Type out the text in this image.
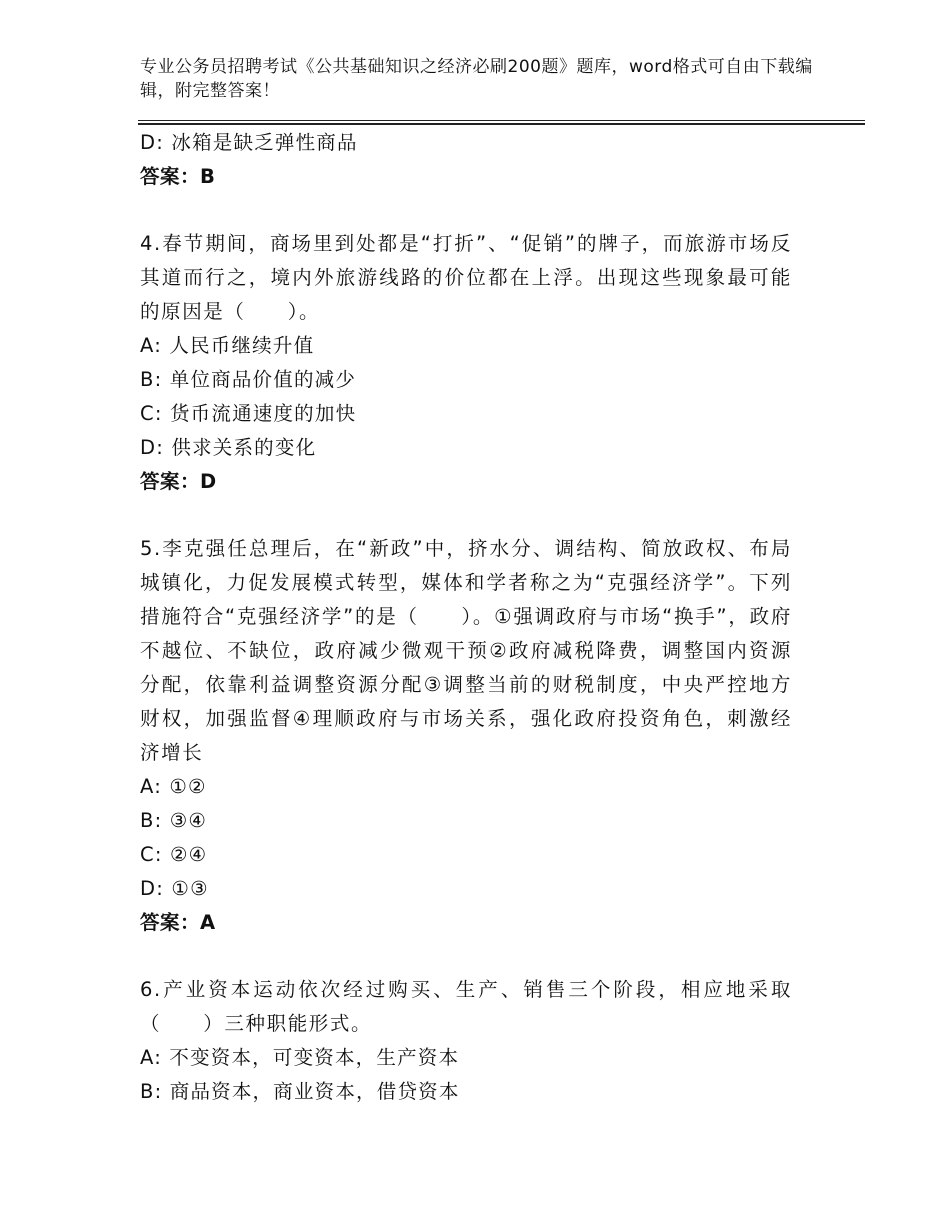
专业公务员招聘考试《公共基础知识之经济必刷200题》题库，word格式可自由下载编辑，附完整答案！
D: 冰箱是缺乏弹性商品
答案：B
4.春节期间，商场里到处都是“打折”、“促销”的牌子，而旅游市场反其道而行之，境内外旅游线路的价位都在上浮。出现这些现象最可能的原因是（　　）。
A: 人民币继续升值
B: 单位商品价值的减少
C: 货币流通速度的加快
D: 供求关系的变化
答案：D
5.李克强任总理后，在“新政”中，挤水分、调结构、简放政权、布局城镇化，力促发展模式转型，媒体和学者称之为“克强经济学”。下列措施符合“克强经济学”的是（　　）。①强调政府与市场“换手”，政府不越位、不缺位，政府减少微观干预②政府减税降费，调整国内资源分配，依靠利益调整资源分配③调整当前的财税制度，中央严控地方财权，加强监督④理顺政府与市场关系，强化政府投资角色，刺激经济增长
A: ①②
B: ③④
C: ②④
D: ①③
答案：A
6.产业资本运动依次经过购买、生产、销售三个阶段，相应地采取（　　）三种职能形式。
A: 不变资本，可变资本，生产资本
B: 商品资本，商业资本，借贷资本
